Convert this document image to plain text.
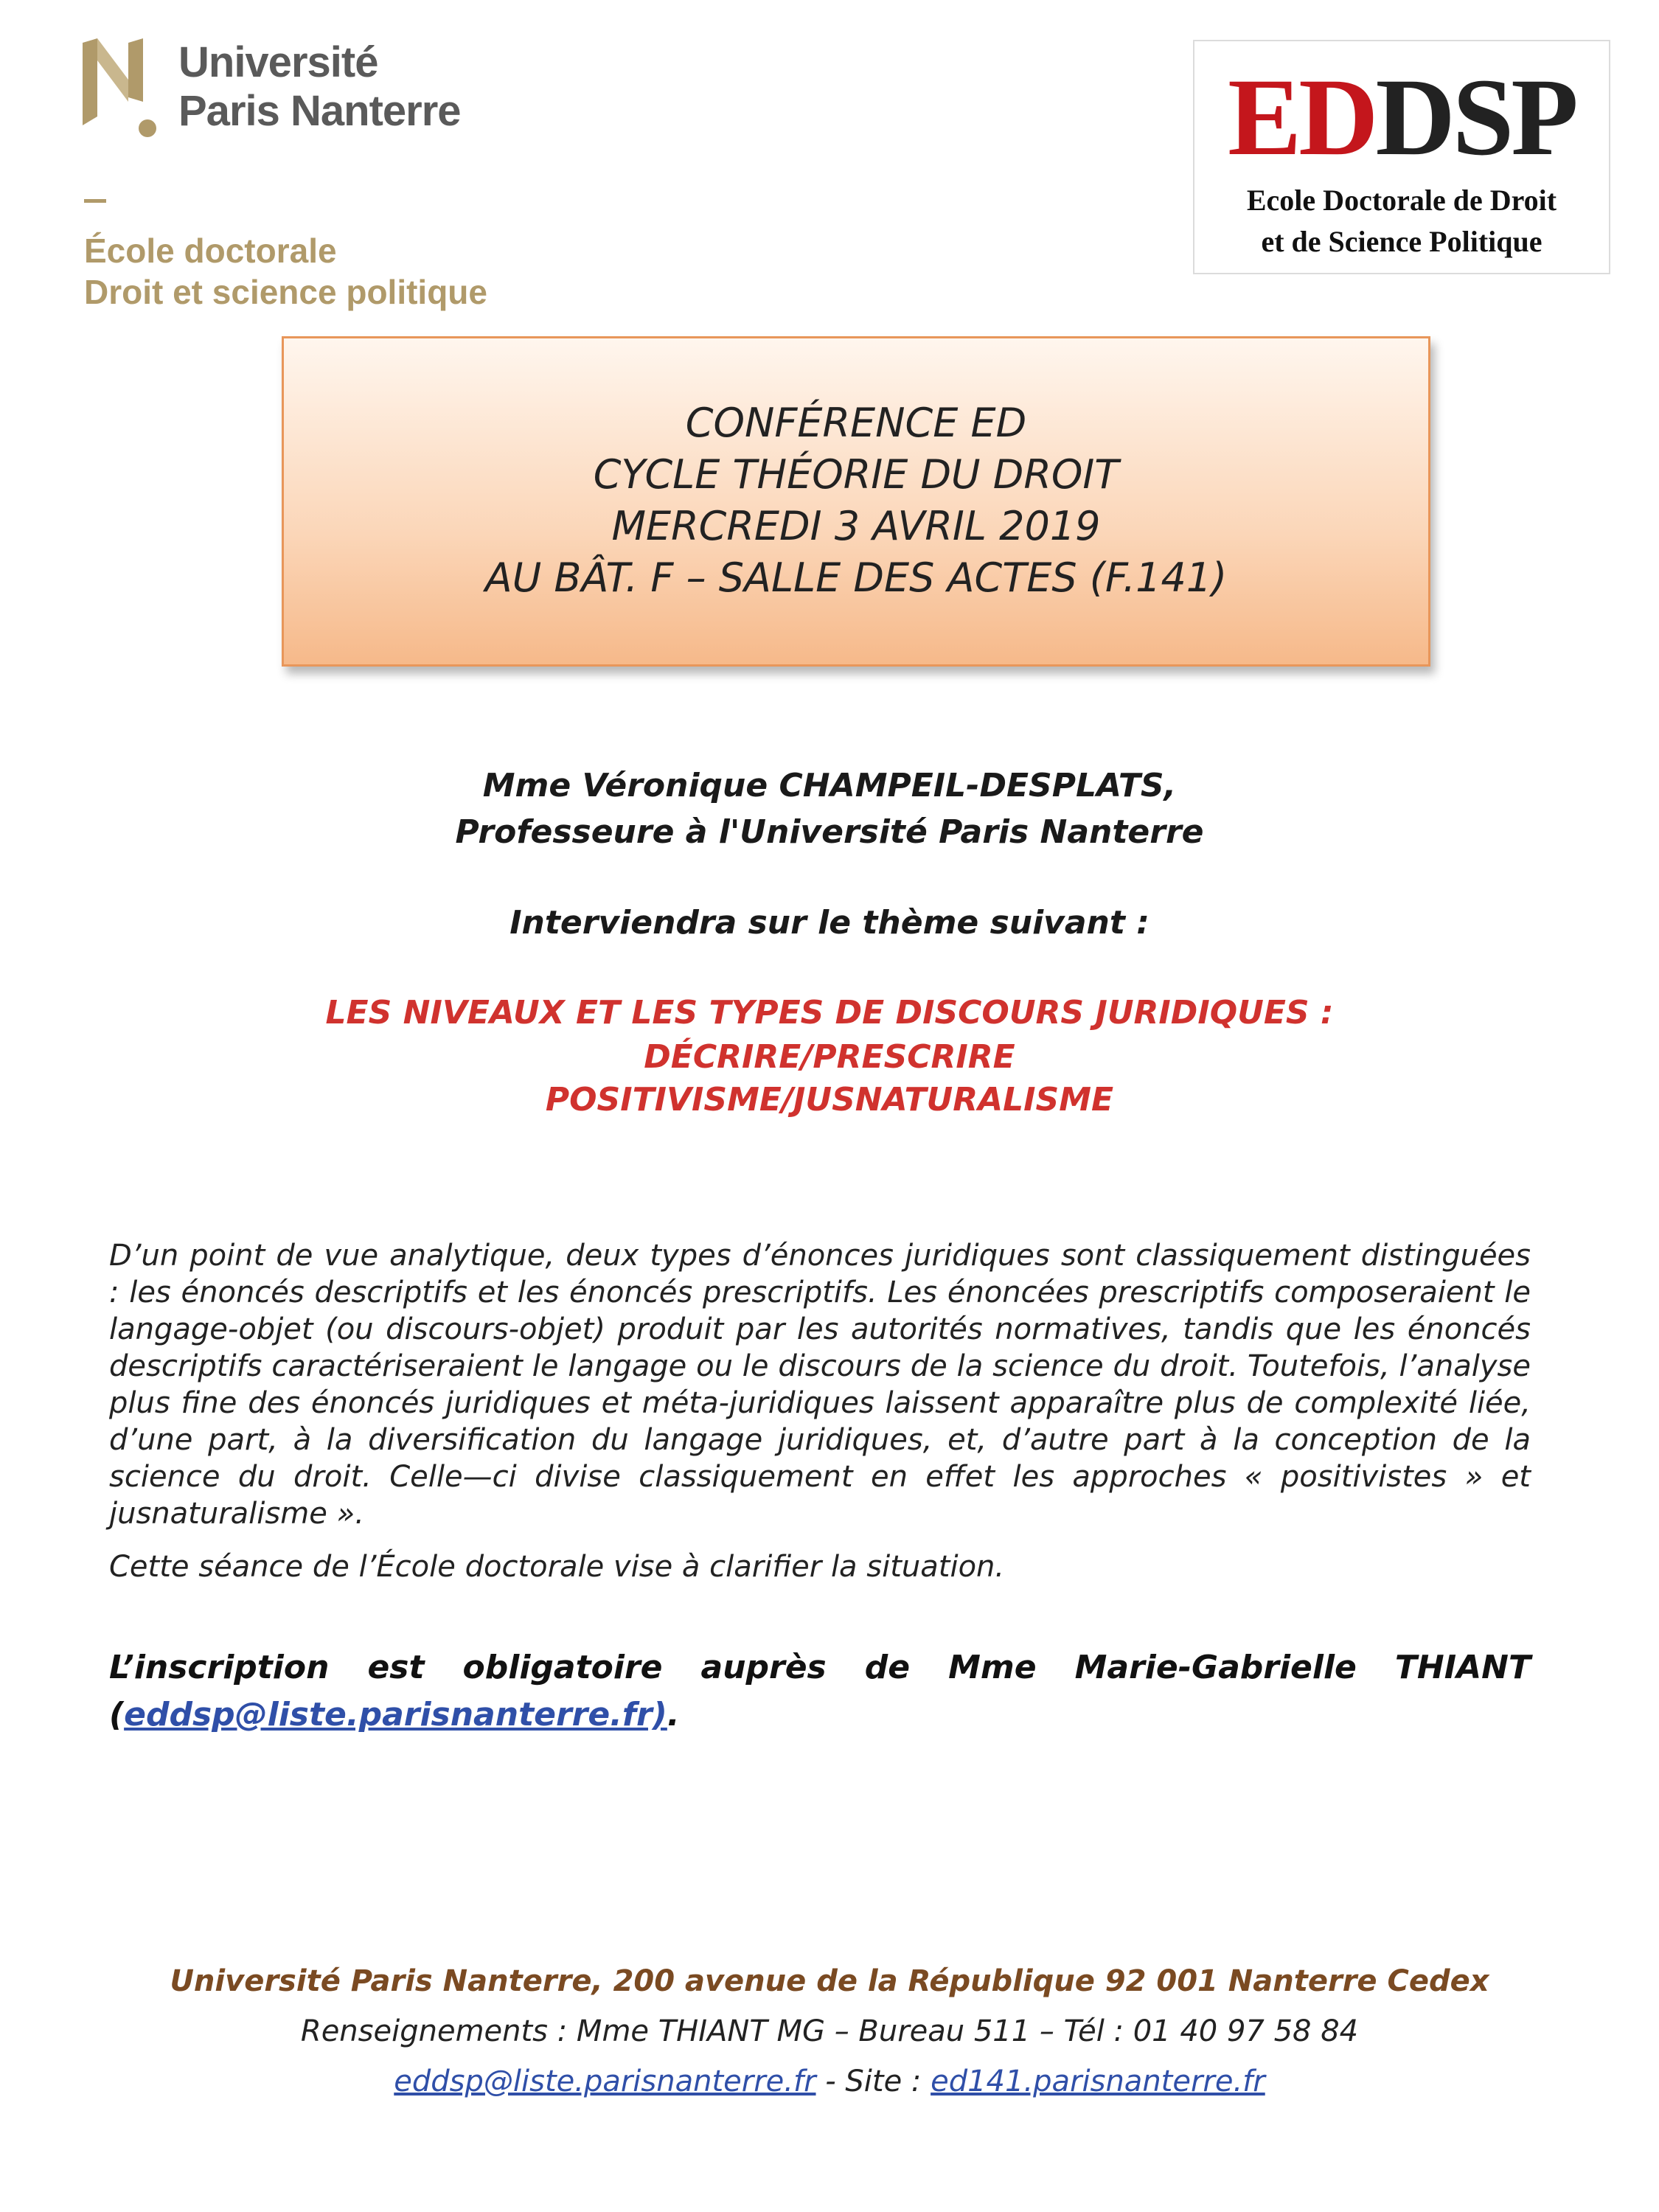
Université
Paris Nanterre
École doctorale
Droit et science politique
EDDSP
Ecole Doctorale de Droit
et de Science Politique
CONFÉRENCE ED
CYCLE THÉORIE DU DROIT
MERCREDI 3 AVRIL 2019
AU BÂT. F – SALLE DES ACTES (F.141)
Mme Véronique CHAMPEIL-DESPLATS,
Professeure à l'Université Paris Nanterre
Interviendra sur le thème suivant :
LES NIVEAUX ET LES TYPES DE DISCOURS JURIDIQUES :
DÉCRIRE/PRESCRIRE
POSITIVISME/JUSNATURALISME
D’un point de vue analytique, deux types d’énonces juridiques sont classiquement distinguées : les énoncés descriptifs et les énoncés prescriptifs. Les énoncées prescriptifs composeraient le langage-objet (ou discours-objet) produit par les autorités normatives, tandis que les énoncés descriptifs caractériseraient le langage ou le discours de la science du droit. Toutefois, l’analyse plus fine des énoncés juridiques et méta-juridiques laissent apparaître plus de complexité liée, d’une part, à la diversification du langage juridiques, et, d’autre part à la conception de la science du droit. Celle—ci divise classiquement en effet les approches « positivistes » et jusnaturalisme ».
Cette séance de l’École doctorale vise à clarifier la situation.
L’inscription est obligatoire auprès de Mme Marie-Gabrielle THIANT (eddsp@liste.parisnanterre.fr).
Université Paris Nanterre, 200 avenue de la République 92 001 Nanterre Cedex
Renseignements : Mme THIANT MG – Bureau 511 – Tél : 01 40 97 58 84
eddsp@liste.parisnanterre.fr - Site : ed141.parisnanterre.fr
